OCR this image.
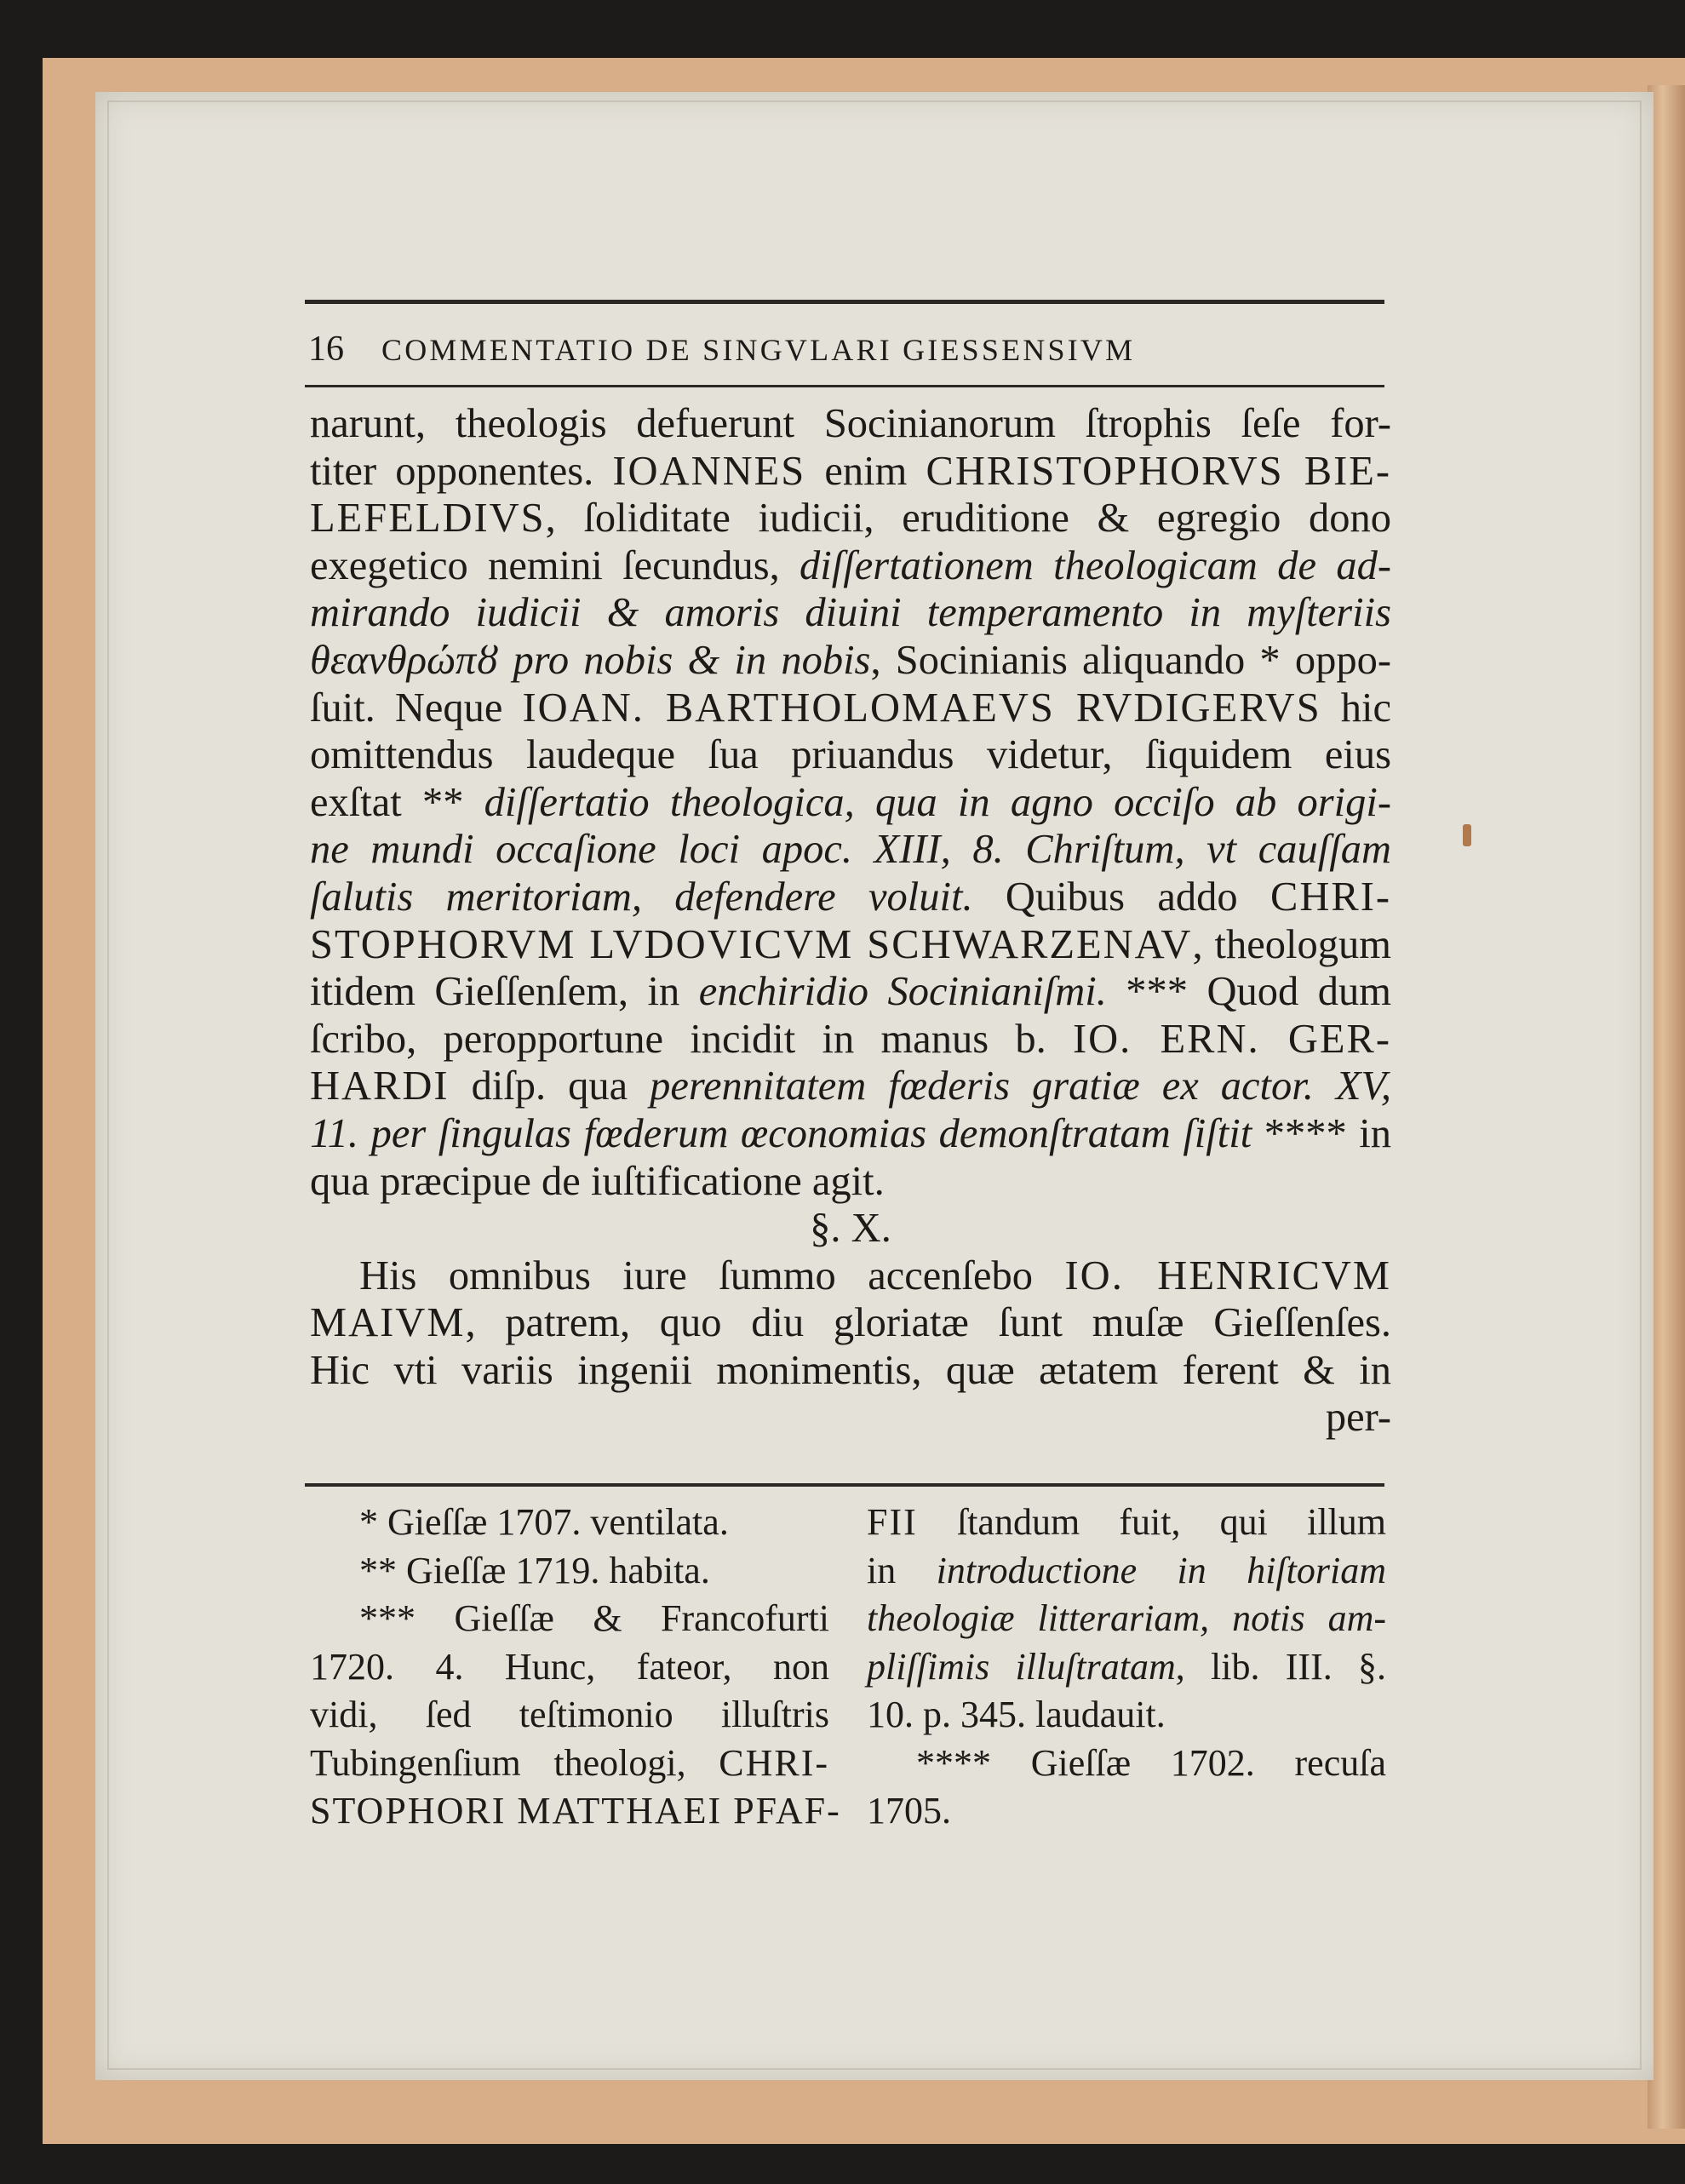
16 COMMENTATIO DE SINGVLARI GIESSENSIVM
narunt, theologis defuerunt Socinianorum ſtrophis ſeſe for-
titer opponentes. IOANNES enim CHRISTOPHORVS BIE-
LEFELDIVS, ſoliditate iudicii, eruditione & egregio dono
exegetico nemini ſecundus, diſſertationem theologicam de ad-
mirando iudicii & amoris diuini temperamento in myſteriis
θεανθρώπȣ pro nobis & in nobis, Socinianis aliquando * oppo-
ſuit. Neque IOAN. BARTHOLOMAEVS RVDIGERVS hic
omittendus laudeque ſua priuandus videtur, ſiquidem eius
exſtat ** diſſertatio theologica, qua in agno occiſo ab origi-
ne mundi occaſione loci apoc. XIII, 8. Chriſtum, vt cauſſam
ſalutis meritoriam, defendere voluit. Quibus addo CHRI-
STOPHORVM LVDOVICVM SCHWARZENAV, theologum
itidem Gieſſenſem, in enchiridio Socinianiſmi. *** Quod dum
ſcribo, peropportune incidit in manus b. IO. ERN. GER-
HARDI diſp. qua perennitatem fœderis gratiæ ex actor. XV,
11. per ſingulas fœderum œconomias demonſtratam ſiſtit **** in
qua præcipue de iuſtificatione agit.
§. X.
His omnibus iure ſummo accenſebo IO. HENRICVM
MAIVM, patrem, quo diu gloriatæ ſunt muſæ Gieſſenſes.
Hic vti variis ingenii monimentis, quæ ætatem ferent & in
per-
* Gieſſæ 1707. ventilata.
** Gieſſæ 1719. habita.
*** Gieſſæ & Francofurti
1720. 4. Hunc, fateor, non
vidi, ſed teſtimonio illuſtris
Tubingenſium theologi, CHRI-
STOPHORI MATTHAEI PFAF-
FII ſtandum fuit, qui illum
in introductione in hiſtoriam
theologiæ litterariam, notis am-
pliſſimis illuſtratam, lib. III. §.
10. p. 345. laudauit.
**** Gieſſæ 1702. recuſa
1705.
